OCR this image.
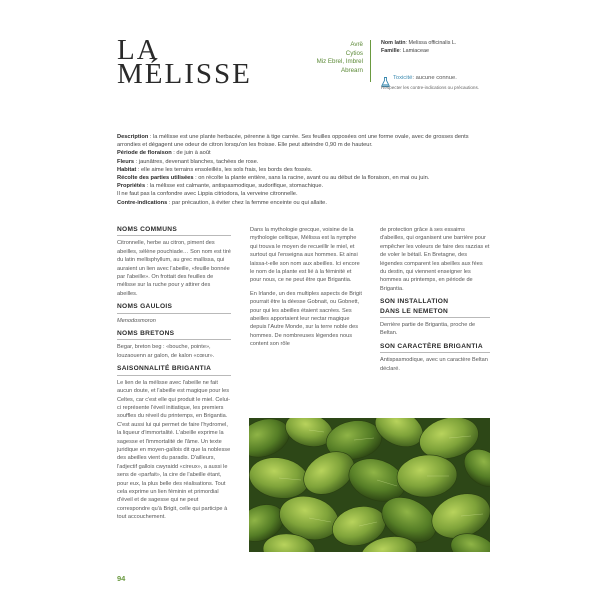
LA
MÉLISSE
Avrë
Cytios
Miz Ebrel, Imbrel
Abrearn
Nom latin: Melissa officinalis L.
Famille: Lamiaceae
Toxicité: aucune connue.
Respecter les contre-indications ou précautions.

Description : la mélisse est une plante herbacée, pérenne à tige carrée. Ses feuilles opposées ont une forme ovale, avec de grosses dents arrondies et dégagent une odeur de citron lorsqu'on les froisse. Elle peut atteindre 0,90 m de hauteur.

Période de floraison : de juin à août

Fleurs : jaunâtres, devenant blanches, tachées de rose.

Habitat : elle aime les terrains ensoleillés, les sols frais, les bords des fossés.

Récolte des parties utilisées : on récolte la plante entière, sans la racine, avant ou au début de la floraison, en mai ou juin.

Propriétés : la mélisse est calmante, antispasmodique, sudorifique, stomachique.

Il ne faut pas la confondre avec Lippia citriodora, la verveine citronnelle.

Contre-indications : par précaution, à éviter chez la femme enceinte ou qui allaite.

NOMS COMMUNS

Citronnelle, herbe au citron, piment des abeilles, sélène pouchiade… Son nom est tiré du latin mellisphyllum, au grec mallissa, qui auraient un lien avec l'abeille, «feuille bonnée par l'abeille». On frottait des feuilles de mélisse sur la ruche pour y attirer des abeilles.

NOMS GAULOIS

Menodosmoron

NOMS BRETONS

Begar, breton beg : «bouche, pointe», louzaouenn ar galon, de kalon «cœur».

SAISONNALITÉ BRIGANTIA

Le lien de la mélisse avec l'abeille ne fait aucun doute, et l'abeille est magique pour les Celtes, car c'est elle qui produit le miel. Celui-ci représente l'éveil initiatique, les premiers souffles du réveil du printemps, en Brigantia. C'est aussi lui qui permet de faire l'hydromel, la liqueur d'immortalité. L'abeille exprime la sagesse et l'immortalité de l'âme. Un texte juridique en moyen-gallois dit que la noblesse des abeilles vient du paradis. D'ailleurs, l'adjectif gallois cwyraidd «cireux», a aussi le sens de «parfait», la cire de l'abeille étant, pour eux, la plus belle des réalisations. Tout cela exprime un lien féminin et primordial d'éveil et de sagesse qui ne peut correspondre qu'à Brigit, celle qui participe à tout accouchement.

Dans la mythologie grecque, voisine de la mythologie celtique, Mélissa est la nymphe qui trouva le moyen de recueillir le miel, et surtout qui l'enseigna aux hommes. Et ainsi laissa-t-elle son nom aux abeilles. Ici encore le nom de la plante est lié à la féminité et pour nous, ce ne peut être que Brigantia.

En Irlande, un des multiples aspects de Brigit pourrait être la déesse Gobnait, ou Gobnett, pour qui les abeilles étaient sacrées. Ses abeilles apportaient leur nectar magique depuis l'Autre Monde, sur la terre noble des hommes. De nombreuses légendes nous content son rôle

de protection grâce à ses essaims d'abeilles, qui organisent une barrière pour empêcher les voleurs de faire des razzias et de voler le bétail. En Bretagne, des légendes comparent les abeilles aux fées du destin, qui viennent enseigner les hommes au printemps, en période de Brigantia.

SON INSTALLATION
DANS LE NEMETON

Derrière partie de Brigantia, proche de Beltan.

SON CARACTÈRE BRIGANTIA

Antispasmodique, avec un caractère Beltan déclaré.

94
